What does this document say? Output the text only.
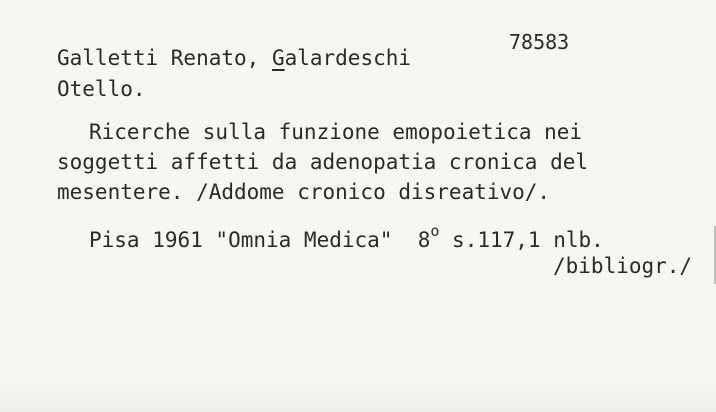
78583
Galletti Renato, Galardeschi
Otello.
Ricerche sulla funzione emopoietica nei
soggetti affetti da adenopatia cronica del
mesentere. /Addome cronico disreativo/.
Pisa 1961 "Omnia Medica"  8$^o$ s.117,1 nlb.
/bibliogr./
